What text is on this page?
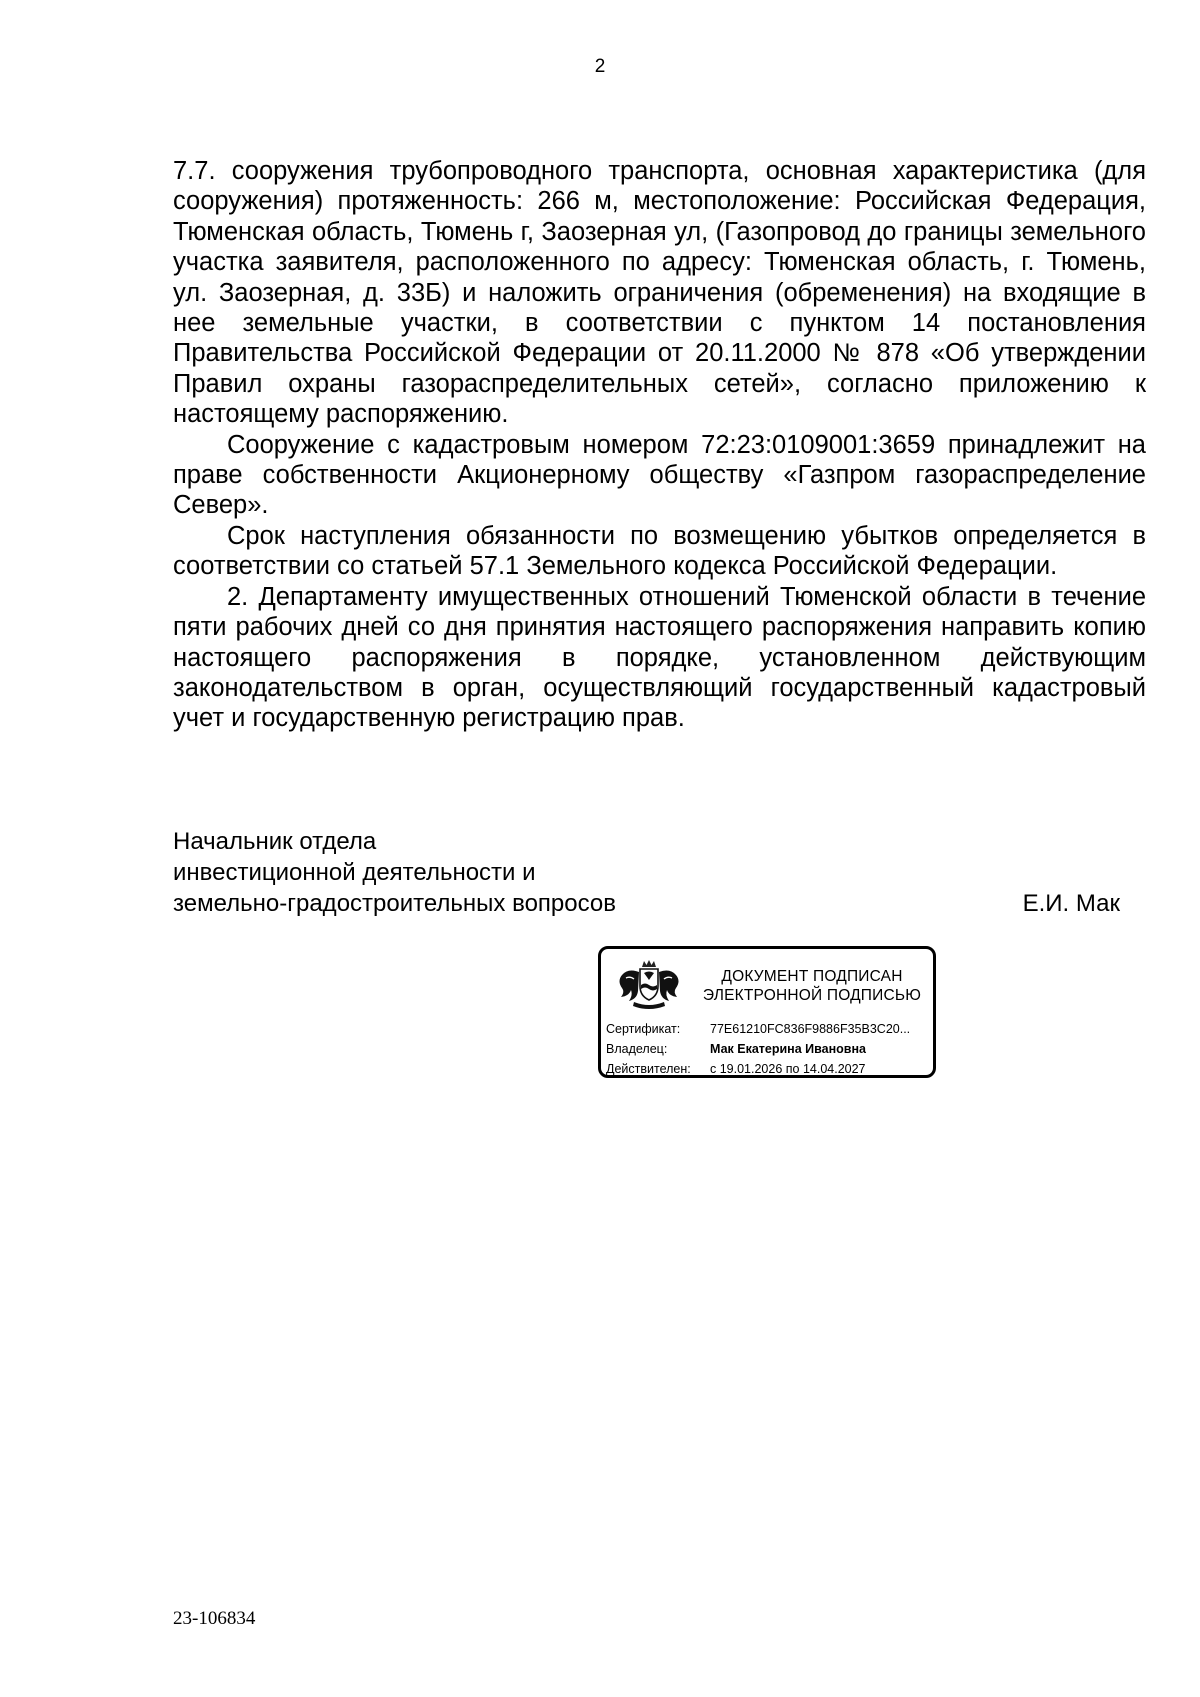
2

7.7. сооружения трубопроводного транспорта, основная характеристика (для сооружения) протяженность: 266 м, местоположение: Российская Федерация, Тюменская область, Тюмень г, Заозерная ул, (Газопровод до границы земельного участка заявителя, расположенного по адресу: Тюменская область, г. Тюмень, ул. Заозерная, д. 33Б) и наложить ограничения (обременения) на входящие в нее земельные участки, в соответствии с пунктом 14 постановления Правительства Российской Федерации от 20.11.2000 № 878 «Об утверждении Правил охраны газораспределительных сетей», согласно приложению к настоящему распоряжению.

Сооружение с кадастровым номером 72:23:0109001:3659 принадлежит на праве собственности Акционерному обществу «Газпром газораспределение Север».

Срок наступления обязанности по возмещению убытков определяется в соответствии со статьей 57.1 Земельного кодекса Российской Федерации.

2. Департаменту имущественных отношений Тюменской области в течение пяти рабочих дней со дня принятия настоящего распоряжения направить копию настоящего распоряжения в порядке, установленном действующим законодательством в орган, осуществляющий государственный кадастровый учет и государственную регистрацию прав.

Начальник отдела
инвестиционной деятельности и
земельно-градостроительных вопросов	Е.И. Мак
ДОКУМЕНТ ПОДПИСАН
ЭЛЕКТРОННОЙ ПОДПИСЬЮ
Сертификат:	77E61210FC836F9886F35B3C20...
Владелец:	Мак Екатерина Ивановна
Действителен:	с 19.01.2026 по 14.04.2027
23-106834
